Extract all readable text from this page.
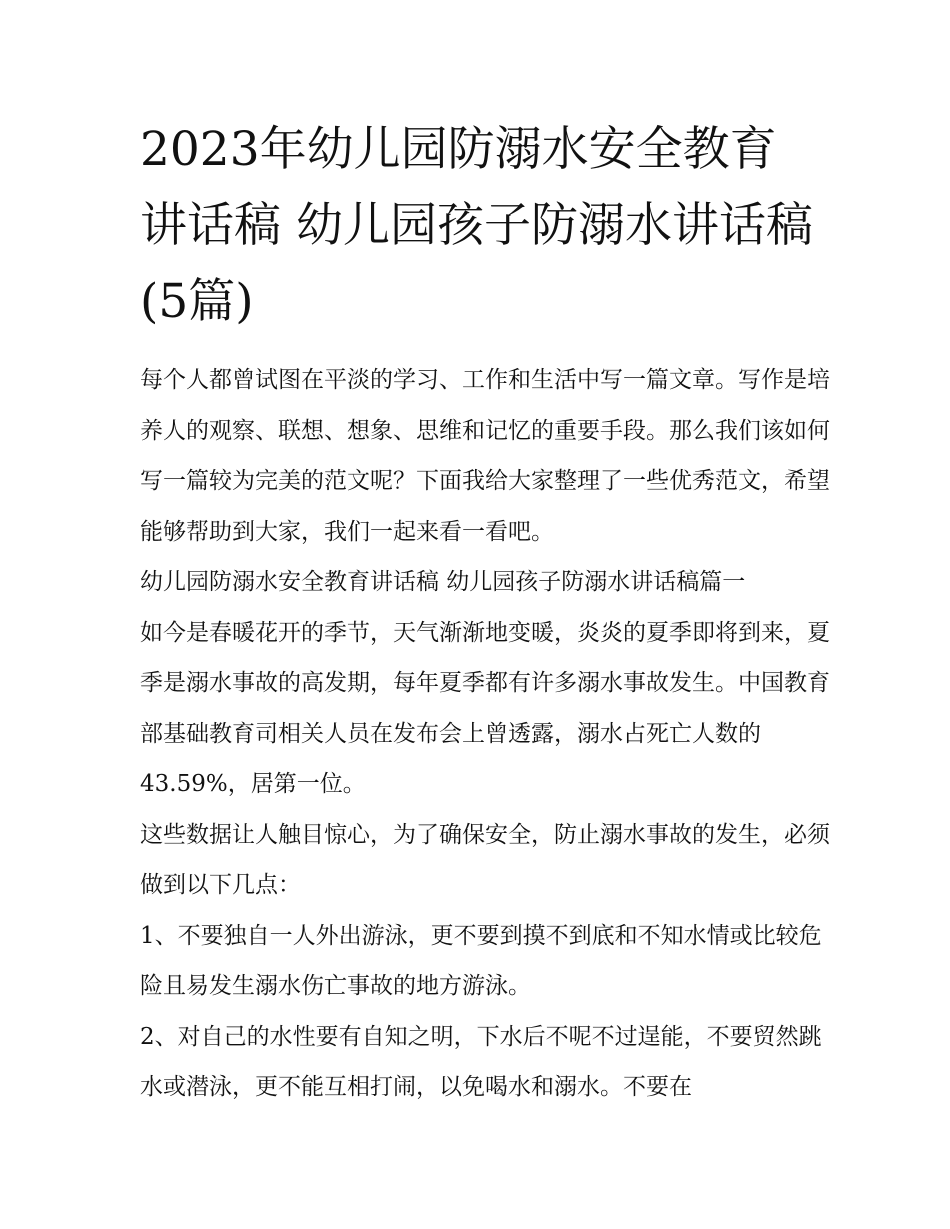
2023年幼儿园防溺水安全教育讲话稿 幼儿园孩子防溺水讲话稿(5篇)

每个人都曾试图在平淡的学习、工作和生活中写一篇文章。写作是培养人的观察、联想、想象、思维和记忆的重要手段。那么我们该如何写一篇较为完美的范文呢？下面我给大家整理了一些优秀范文，希望能够帮助到大家，我们一起来看一看吧。

幼儿园防溺水安全教育讲话稿 幼儿园孩子防溺水讲话稿篇一

如今是春暖花开的季节，天气渐渐地变暖，炎炎的夏季即将到来，夏季是溺水事故的高发期，每年夏季都有许多溺水事故发生。中国教育部基础教育司相关人员在发布会上曾透露，溺水占死亡人数的43.59%，居第一位。

这些数据让人触目惊心，为了确保安全，防止溺水事故的发生，必须做到以下几点：

1、不要独自一人外出游泳，更不要到摸不到底和不知水情或比较危险且易发生溺水伤亡事故的地方游泳。

2、对自己的水性要有自知之明，下水后不呢不过逞能，不要贸然跳水或潜泳，更不能互相打闹，以免喝水和溺水。不要在
